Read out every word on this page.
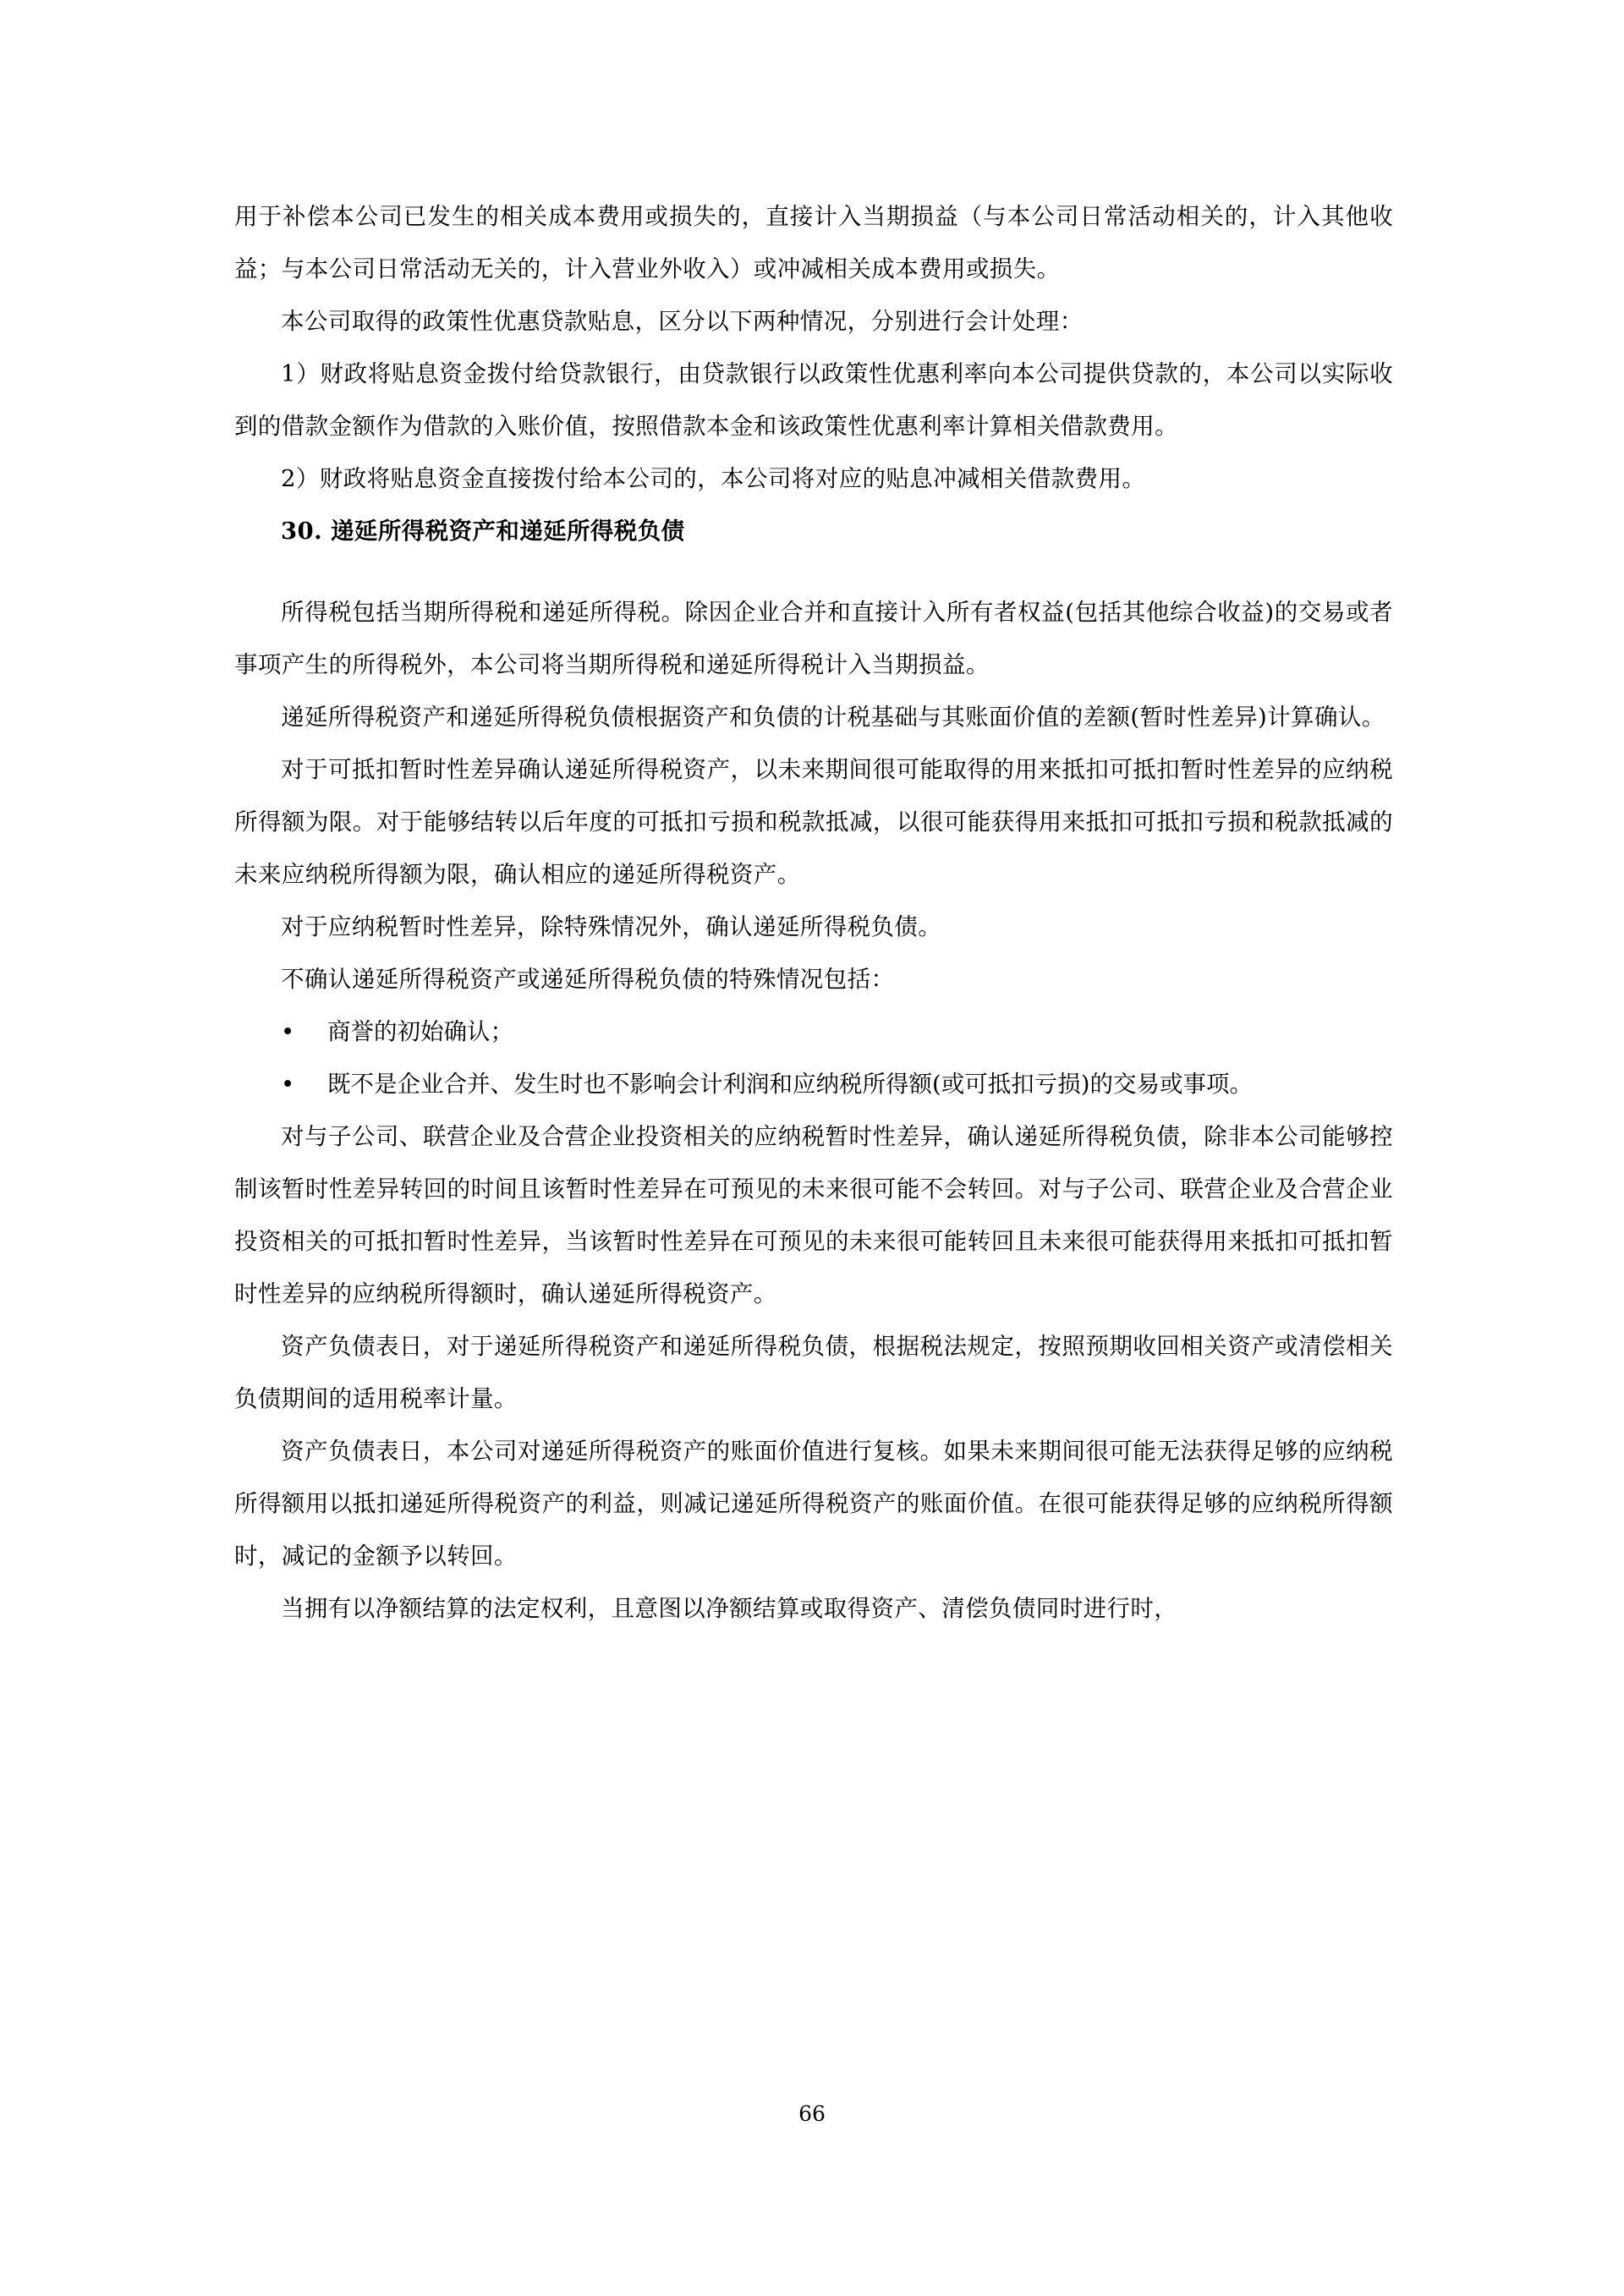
用于补偿本公司已发生的相关成本费用或损失的，直接计入当期损益（与本公司日常活动相关的，计入其他收益；与本公司日常活动无关的，计入营业外收入）或冲减相关成本费用或损失。

本公司取得的政策性优惠贷款贴息，区分以下两种情况，分别进行会计处理：

1）财政将贴息资金拨付给贷款银行，由贷款银行以政策性优惠利率向本公司提供贷款的，本公司以实际收到的借款金额作为借款的入账价值，按照借款本金和该政策性优惠利率计算相关借款费用。

2）财政将贴息资金直接拨付给本公司的，本公司将对应的贴息冲减相关借款费用。

30. 递延所得税资产和递延所得税负债

所得税包括当期所得税和递延所得税。除因企业合并和直接计入所有者权益(包括其他综合收益)的交易或者事项产生的所得税外，本公司将当期所得税和递延所得税计入当期损益。

递延所得税资产和递延所得税负债根据资产和负债的计税基础与其账面价值的差额(暂时性差异)计算确认。

对于可抵扣暂时性差异确认递延所得税资产，以未来期间很可能取得的用来抵扣可抵扣暂时性差异的应纳税所得额为限。对于能够结转以后年度的可抵扣亏损和税款抵减，以很可能获得用来抵扣可抵扣亏损和税款抵减的未来应纳税所得额为限，确认相应的递延所得税资产。

对于应纳税暂时性差异，除特殊情况外，确认递延所得税负债。

不确认递延所得税资产或递延所得税负债的特殊情况包括：

•	商誉的初始确认；
•	既不是企业合并、发生时也不影响会计利润和应纳税所得额(或可抵扣亏损)的交易或事项。

对与子公司、联营企业及合营企业投资相关的应纳税暂时性差异，确认递延所得税负债，除非本公司能够控制该暂时性差异转回的时间且该暂时性差异在可预见的未来很可能不会转回。对与子公司、联营企业及合营企业投资相关的可抵扣暂时性差异，当该暂时性差异在可预见的未来很可能转回且未来很可能获得用来抵扣可抵扣暂时性差异的应纳税所得额时，确认递延所得税资产。

资产负债表日，对于递延所得税资产和递延所得税负债，根据税法规定，按照预期收回相关资产或清偿相关负债期间的适用税率计量。

资产负债表日，本公司对递延所得税资产的账面价值进行复核。如果未来期间很可能无法获得足够的应纳税所得额用以抵扣递延所得税资产的利益，则减记递延所得税资产的账面价值。在很可能获得足够的应纳税所得额时，减记的金额予以转回。

当拥有以净额结算的法定权利，且意图以净额结算或取得资产、清偿负债同时进行时，

66
